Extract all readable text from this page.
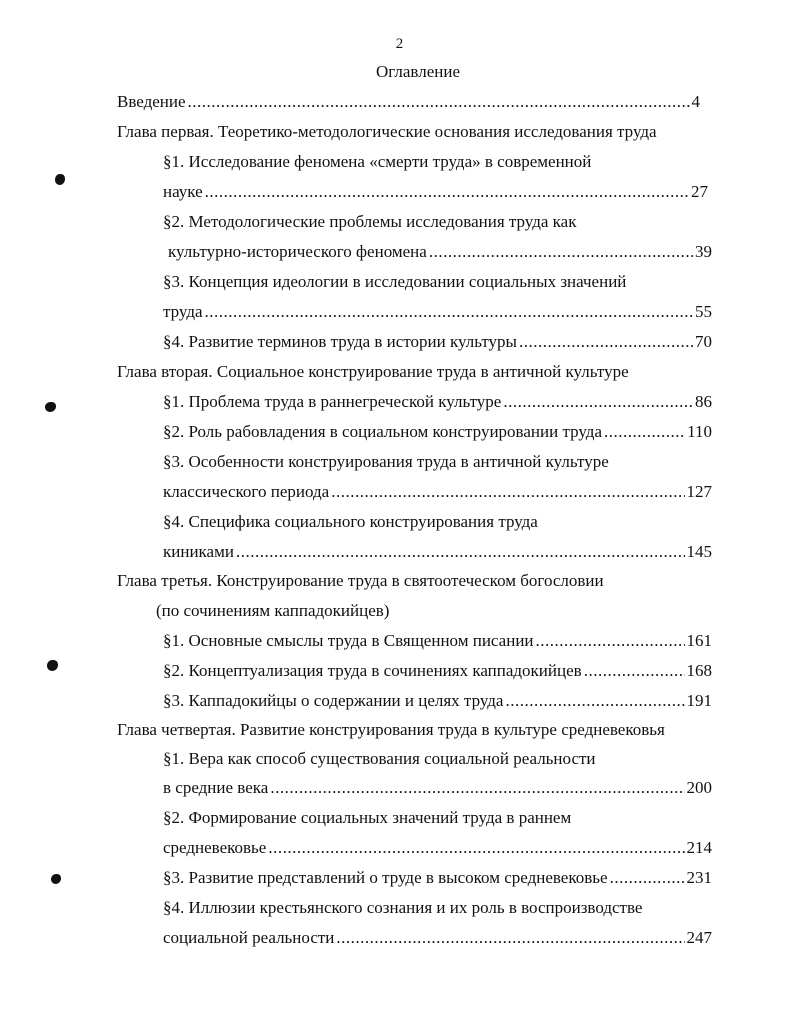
2
Оглавление
Введение .....	4
Глава первая. Теоретико-методологические основания исследования труда
§1. Исследование феномена «смерти труда» в современной
науке .....	27
§2. Методологические проблемы исследования труда как
культурно-исторического феномена .....	39
§3. Концепция идеологии в исследовании социальных значений
труда .....	55
§4. Развитие терминов труда в истории культуры .....	70
Глава вторая. Социальное конструирование труда в античной культуре
§1. Проблема труда в раннегреческой культуре .....	86
§2. Роль рабовладения в социальном конструировании труда .....	110
§3. Особенности конструирования труда в античной культуре
классического периода .....	127
§4. Специфика социального конструирования труда
киниками .....	145
Глава третья. Конструирование труда в святоотеческом богословии
(по сочинениям каппадокийцев)
§1. Основные смыслы труда в Священном писании .....	161
§2. Концептуализация труда в сочинениях каппадокийцев .....	168
§3. Каппадокийцы о содержании и целях труда .....	191
Глава четвертая. Развитие конструирования труда в культуре средневековья
§1. Вера как способ существования социальной реальности
в средние века .....	200
§2. Формирование социальных значений труда в раннем
средневековье .....	214
§3. Развитие представлений о труде в высоком средневековье .....	231
§4. Иллюзии крестьянского сознания и их роль в воспроизводстве
социальной реальности .....	247
